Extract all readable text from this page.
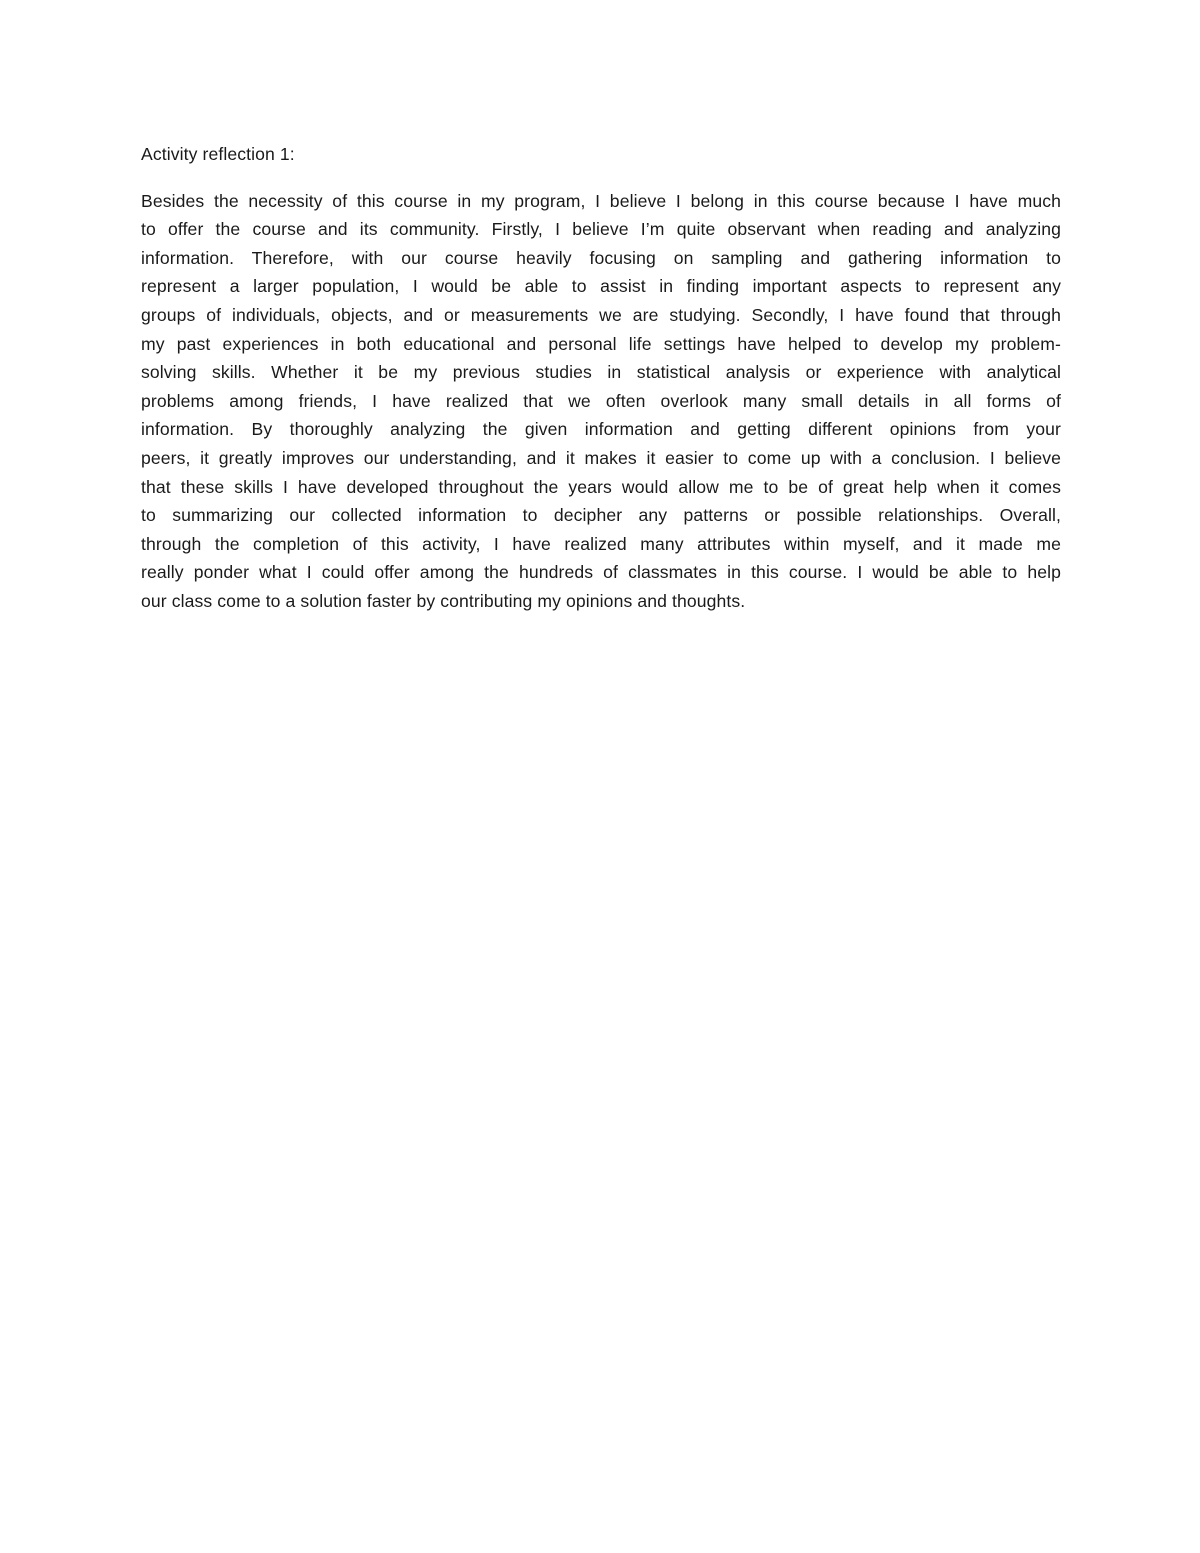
Activity reflection 1:

Besides the necessity of this course in my program, I believe I belong in this course because I have much
to offer the course and its community. Firstly, I believe I’m quite observant when reading and analyzing
information. Therefore, with our course heavily focusing on sampling and gathering information to
represent a larger population, I would be able to assist in finding important aspects to represent any
groups of individuals, objects, and or measurements we are studying. Secondly, I have found that through
my past experiences in both educational and personal life settings have helped to develop my problem-
solving skills. Whether it be my previous studies in statistical analysis or experience with analytical
problems among friends, I have realized that we often overlook many small details in all forms of
information. By thoroughly analyzing the given information and getting different opinions from your
peers, it greatly improves our understanding, and it makes it easier to come up with a conclusion. I believe
that these skills I have developed throughout the years would allow me to be of great help when it comes
to summarizing our collected information to decipher any patterns or possible relationships. Overall,
through the completion of this activity, I have realized many attributes within myself, and it made me
really ponder what I could offer among the hundreds of classmates in this course. I would be able to help
our class come to a solution faster by contributing my opinions and thoughts.
